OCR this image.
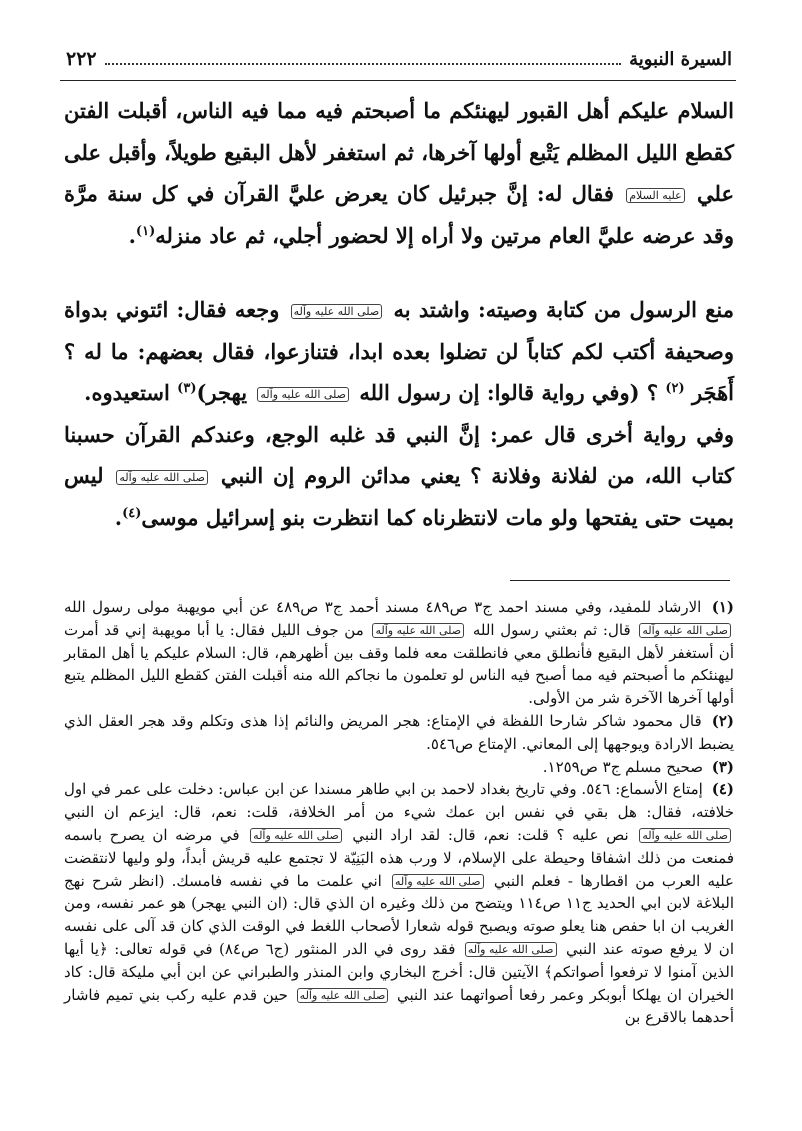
٢٢٢	السيرة النبوية

السلام عليكم أهل القبور ليهنئكم ما أصبحتم فيه مما فيه الناس، أقبلت الفتن كقطع الليل المظلم يَتْبع أولها آخرها، ثم استغفر لأهل البقيع طويلاً، وأقبل على علي عليه السلام فقال له: إنَّ جبرئيل كان يعرض عليَّ القرآن في كل سنة مرَّة وقد عرضه عليَّ العام مرتين ولا أراه إلا لحضور أجلي، ثم عاد منزله$^{(١)}$.

منع الرسول من كتابة وصيته: واشتد به صلى الله عليه وآله وجعه فقال: ائتوني بدواة وصحيفة أكتب لكم كتاباً لن تضلوا بعده ابدا، فتنازعوا، فقال بعضهم: ما له ؟ أَهَجَر $^{(٢)}$ ؟ (وفي رواية قالوا: إن رسول الله صلى الله عليه وآله يهجر)$^{(٣)}$ استعيدوه.

وفي رواية أخرى قال عمر: إنَّ النبي قد غلبه الوجع، وعندكم القرآن حسبنا كتاب الله، من لفلانة وفلانة ؟ يعني مدائن الروم إن النبي صلى الله عليه وآله ليس بميت حتى يفتحها ولو مات لانتظرناه كما انتظرت بنو إسرائيل موسى$^{(٤)}$.

(١) الارشاد للمفيد، وفي مسند احمد ج٣ ص٤٨٩ مسند أحمد ج٣ ص٤٨٩ عن أبي مويهبة مولى رسول الله صلى الله عليه وآله قال: ثم بعثني رسول الله صلى الله عليه وآله من جوف الليل فقال: يا أبا مويهبة إني قد أمرت أن أستغفر لأهل البقيع فأنطلق معي فانطلقت معه فلما وقف بين أظهرهم، قال: السلام عليكم يا أهل المقابر ليهنئكم ما أصبحتم فيه مما أصبح فيه الناس لو تعلمون ما نجاكم الله منه أقبلت الفتن كقطع الليل المظلم يتبع أولها آخرها الآخرة شر من الأولى.

(٢) قال محمود شاكر شارحا اللفظة في الإمتاع: هجر المريض والنائم إذا هذى وتكلم وقد هجر العقل الذي يضبط الارادة ويوجهها إلى المعاني. الإمتاع ص٥٤٦.

(٣) صحيح مسلم ج٣ ص١٢٥٩.

(٤) إمتاع الأسماع: ٥٤٦. وفي تاريخ بغداد لاحمد بن ابي طاهر مسندا عن ابن عباس: دخلت على عمر في اول خلافته، فقال: هل بقي في نفس ابن عمك شيء من أمر الخلافة، قلت: نعم، قال: ايزعم ان النبي صلى الله عليه وآله نص عليه ؟ قلت: نعم، قال: لقد اراد النبي صلى الله عليه وآله في مرضه ان يصرح باسمه فمنعت من ذلك اشفاقا وحيطة على الإسلام، لا ورب هذه البَنِيّة لا تجتمع عليه قريش أبداً، ولو وليها لانتقضت عليه العرب من اقطارها - فعلم النبي صلى الله عليه وآله اني علمت ما في نفسه فامسك. (انظر شرح نهج البلاغة لابن ابي الحديد ج١١ ص١١٤ ويتضح من ذلك وغيره ان الذي قال: (ان النبي يهجر) هو عمر نفسه، ومن الغريب ان ابا حفص هنا يعلو صوته ويصبح قوله شعارا لأصحاب اللغط في الوقت الذي كان قد آلى على نفسه ان لا يرفع صوته عند النبي صلى الله عليه وآله فقد روى في الدر المنثور (ج٦ ص٨٤) في قوله تعالى: ﴿يا أيها الذين آمنوا لا ترفعوا أصواتكم﴾ الآيتين قال: أخرج البخاري وابن المنذر والطبراني عن ابن أبي مليكة قال: كاد الخيران ان يهلكا أبوبكر وعمر رفعا أصواتهما عند النبي صلى الله عليه وآله حين قدم عليه ركب بني تميم فاشار أحدهما بالاقرع بن
